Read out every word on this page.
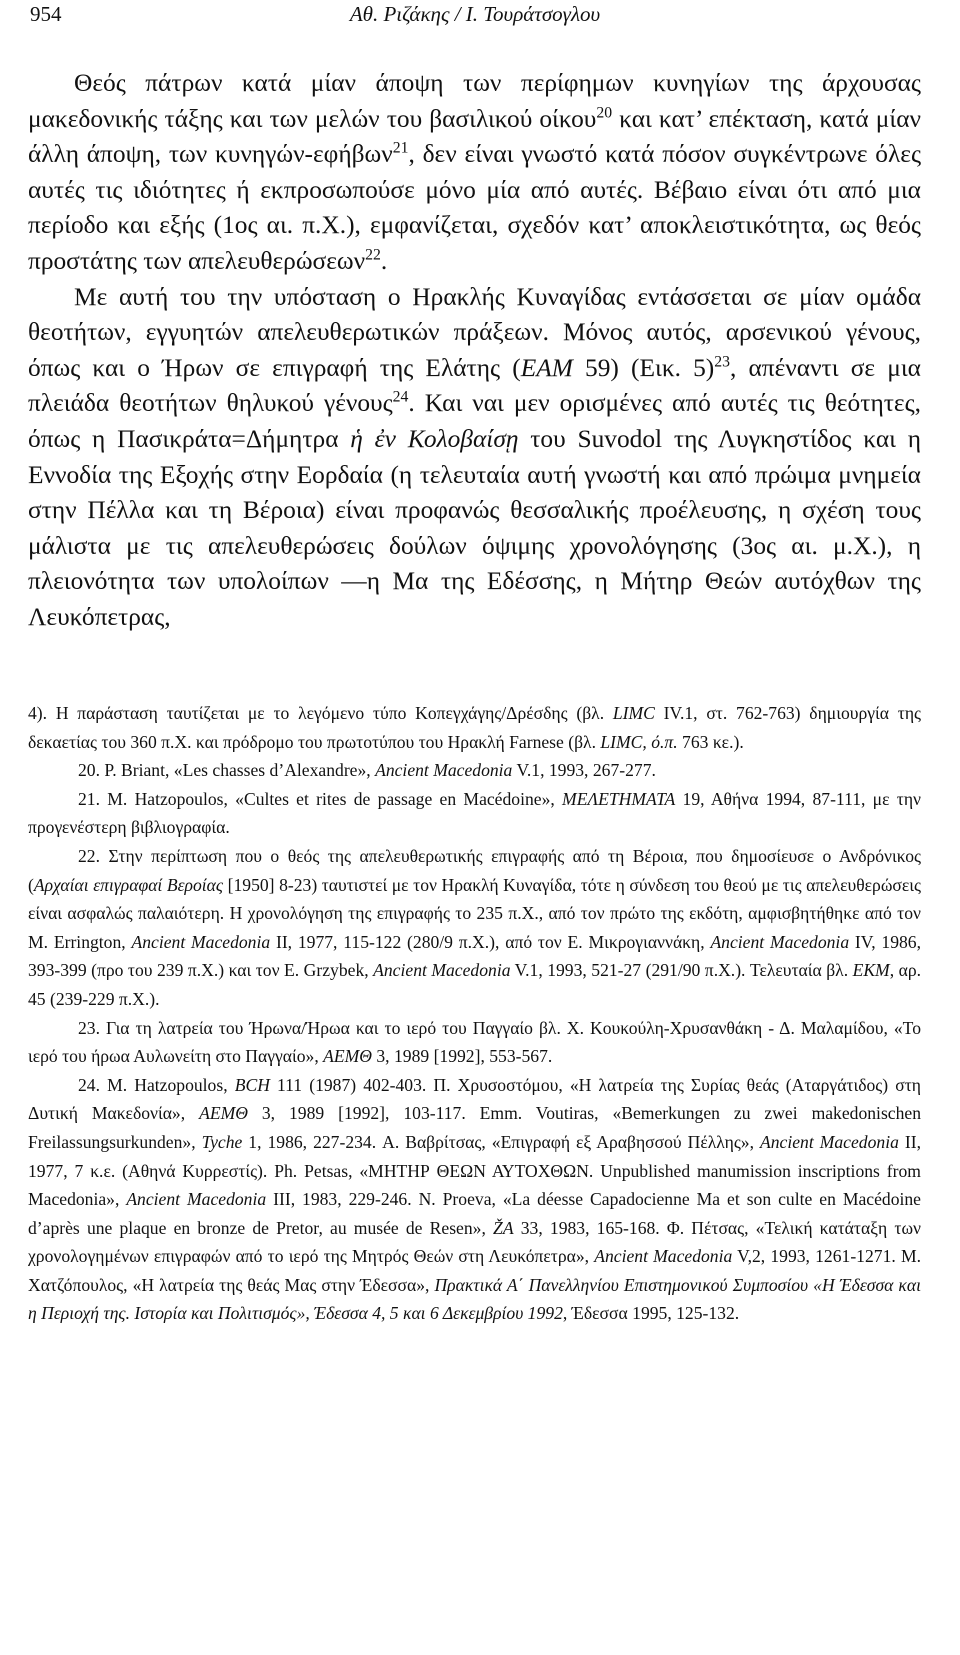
954	Αθ. Ριζάκης / Ι. Τουράτσογλου

Θεός πάτρων κατά μίαν άποψη των περίφημων κυνηγίων της άρχουσας μακεδονικής τάξης και των μελών του βασιλικού οίκου$^{20}$ και κατ’ επέκταση, κατά μίαν άλλη άποψη, των κυνηγών-εφήβων$^{21}$, δεν είναι γνωστό κατά πόσον συγκέντρωνε όλες αυτές τις ιδιότητες ή εκπροσωπούσε μόνο μία από αυτές. Βέβαιο είναι ότι από μια περίοδο και εξής (1ος αι. π.Χ.), εμφανίζεται, σχεδόν κατ’ αποκλειστικότητα, ως θεός προστάτης των απελευθερώσεων$^{22}$.

Με αυτή του την υπόσταση ο Ηρακλής Κυναγίδας εντάσσεται σε μίαν ομάδα θεοτήτων, εγγυητών απελευθερωτικών πράξεων. Μόνος αυτός, αρσενικού γένους, όπως και ο Ήρων σε επιγραφή της Ελάτης (ΕΑΜ 59) (Εικ. 5)$^{23}$, απέναντι σε μια πλειάδα θεοτήτων θηλυκού γένους$^{24}$. Και ναι μεν ορισμένες από αυτές τις θεότητες, όπως η Πασικράτα=Δήμητρα ἡ ἐν Κολοβαίσῃ του Suvodol της Λυγκηστίδος και η Εννοδία της Εξοχής στην Εορδαία (η τελευταία αυτή γνωστή και από πρώιμα μνημεία στην Πέλλα και τη Βέροια) είναι προφανώς θεσσαλικής προέλευσης, η σχέση τους μάλιστα με τις απελευθερώσεις δούλων όψιμης χρονολόγησης (3ος αι. μ.Χ.), η πλειονότητα των υπολοίπων —η Μα της Εδέσσης, η Μήτηρ Θεών αυτόχθων της Λευκόπετρας,

4). Η παράσταση ταυτίζεται με το λεγόμενο τύπο Κοπεγχάγης/Δρέσδης (βλ. LIMC IV.1, στ. 762-763) δημιουργία της δεκαετίας του 360 π.Χ. και πρόδρομο του πρωτοτύπου του Ηρακλή Farnese (βλ. LIMC, ό.π. 763 κε.).

20. P. Briant, «Les chasses d’Alexandre», Ancient Macedonia V.1, 1993, 267-277.

21. M. Hatzopoulos, «Cultes et rites de passage en Macédoine», ΜΕΛΕΤΗΜΑΤΑ 19, Αθήνα 1994, 87-111, με την προγενέστερη βιβλιογραφία.

22. Στην περίπτωση που ο θεός της απελευθερωτικής επιγραφής από τη Βέροια, που δημοσίευσε ο Ανδρόνικος (Αρχαίαι επιγραφαί Βεροίας [1950] 8-23) ταυτιστεί με τον Ηρακλή Κυναγίδα, τότε η σύνδεση του θεού με τις απελευθερώσεις είναι ασφαλώς παλαιότερη. Η χρονολόγηση της επιγραφής το 235 π.Χ., από τον πρώτο της εκδότη, αμφισβητήθηκε από τον M. Errington, Ancient Macedonia II, 1977, 115-122 (280/9 π.Χ.), από τον Ε. Μικρογιαννάκη, Ancient Macedonia IV, 1986, 393-399 (προ του 239 π.Χ.) και τον E. Grzybek, Ancient Macedonia V.1, 1993, 521-27 (291/90 π.Χ.). Τελευταία βλ. ΕΚΜ, αρ. 45 (239-229 π.Χ.).

23. Για τη λατρεία του Ήρωνα/Ήρωα και το ιερό του Παγγαίο βλ. Χ. Κουκούλη-Χρυσανθάκη - Δ. Μαλαμίδου, «Το ιερό του ήρωα Αυλωνείτη στο Παγγαίο», ΑΕΜΘ 3, 1989 [1992], 553-567.

24. M. Hatzopoulos, BCH 111 (1987) 402-403. Π. Χρυσοστόμου, «Η λατρεία της Συρίας θεάς (Αταργάτιδος) στη Δυτική Μακεδονία», ΑΕΜΘ 3, 1989 [1992], 103-117. Emm. Voutiras, «Bemerkungen zu zwei makedonischen Freilassungsurkunden», Tyche 1, 1986, 227-234. Α. Βαβρίτσας, «Επιγραφή εξ Αραβησσού Πέλλης», Ancient Macedonia II, 1977, 7 κ.ε. (Αθηνά Κυρρεστίς). Ph. Petsas, «ΜΗΤΗΡ ΘΕΩΝ ΑΥΤΟΧΘΩΝ. Unpublished manumission inscriptions from Macedonia», Ancient Macedonia III, 1983, 229-246. N. Proeva, «La déesse Capadocienne Ma et son culte en Macédoine d’après une plaque en bronze de Pretor, au musée de Resen», ŽA 33, 1983, 165-168. Φ. Πέτσας, «Τελική κατάταξη των χρονολογημένων επιγραφών από το ιερό της Μητρός Θεών στη Λευκόπετρα», Ancient Macedonia V,2, 1993, 1261-1271. Μ. Χατζόπουλος, «Η λατρεία της θεάς Μας στην Έδεσσα», Πρακτικά Α΄ Πανελληνίου Επιστημονικού Συμποσίου «Η Έδεσσα και η Περιοχή της. Ιστορία και Πολιτισμός», Έδεσσα 4, 5 και 6 Δεκεμβρίου 1992, Έδεσσα 1995, 125-132.
